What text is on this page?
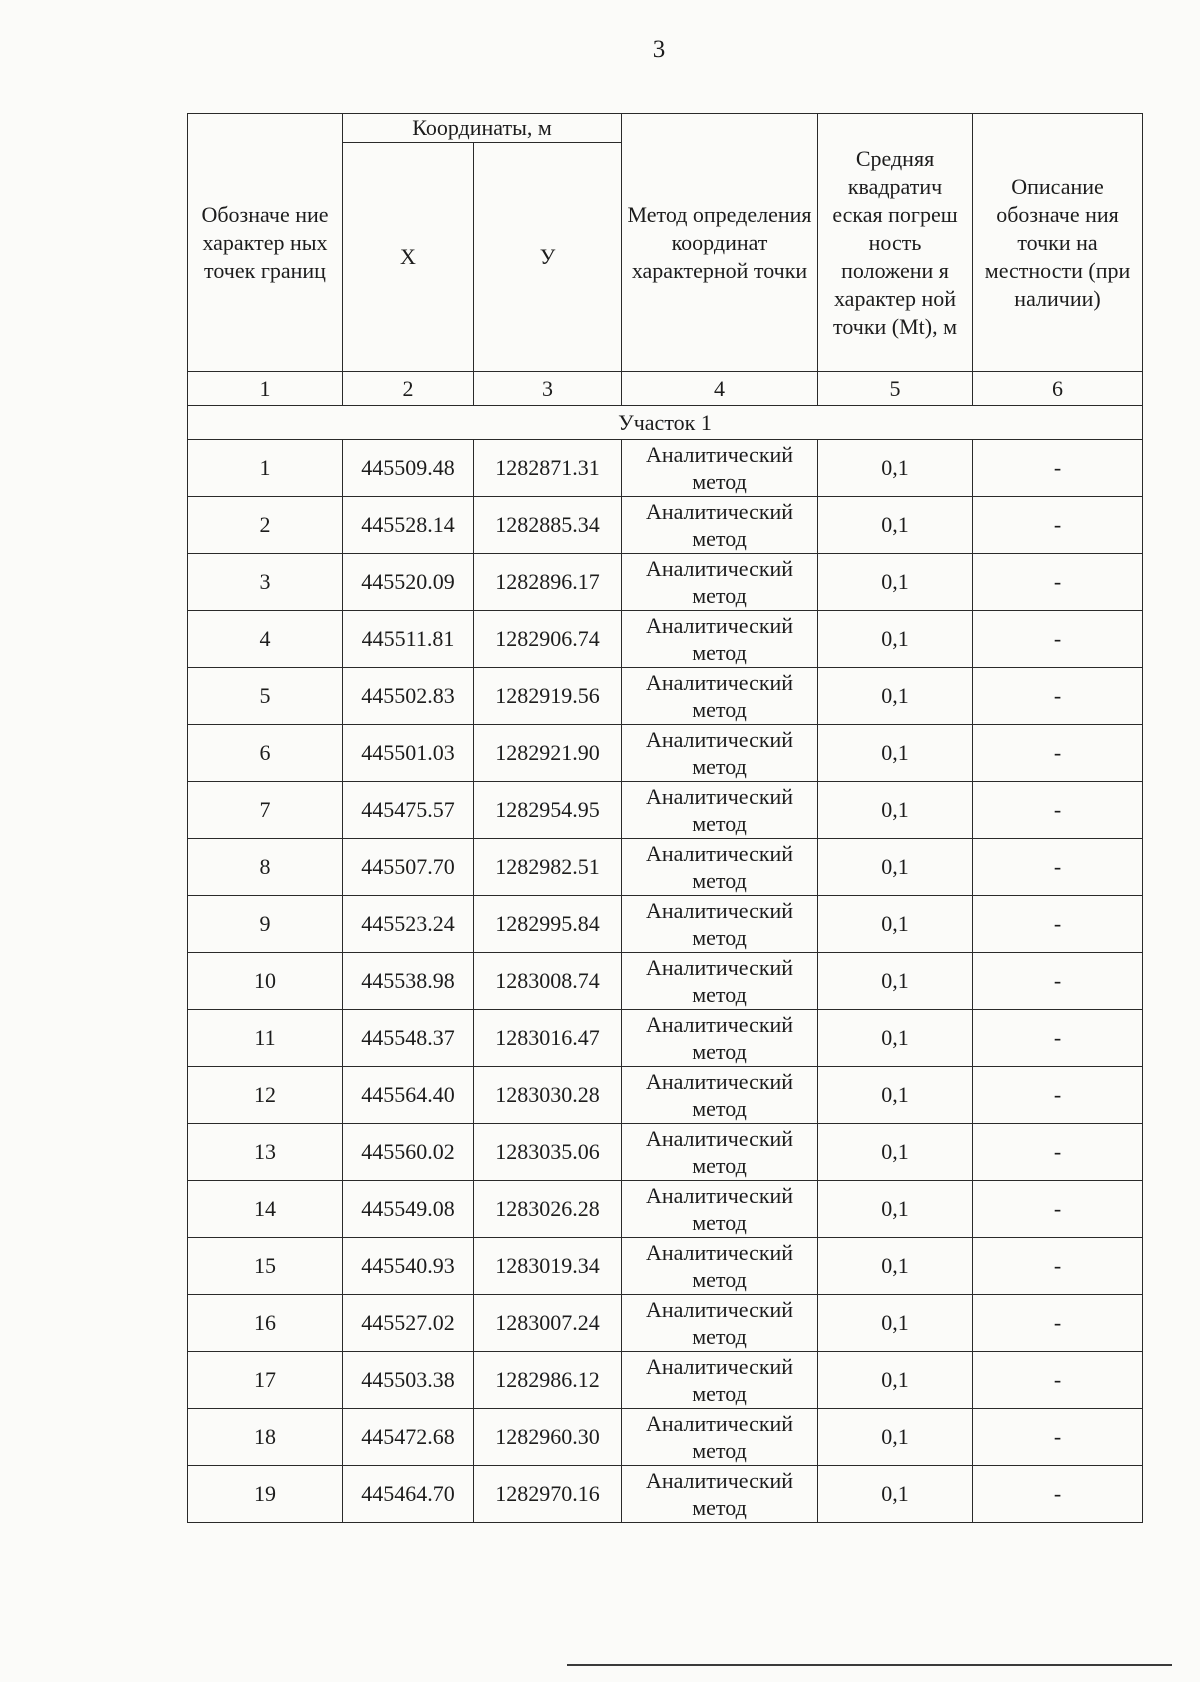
3
Обозначе ние характер ных точек границ	Координаты, м		Метод определения координат характерной точки	Средняя квадратич еская погреш ность положени я характер ной точки (Mt), м	Описание обозначе ния точки на местности (при наличии)
	Х	У			
1	2	3	4	5	6
Участок 1					
1	445509.48	1282871.31	Аналитический метод	0,1	-
2	445528.14	1282885.34	Аналитический метод	0,1	-
3	445520.09	1282896.17	Аналитический метод	0,1	-
4	445511.81	1282906.74	Аналитический метод	0,1	-
5	445502.83	1282919.56	Аналитический метод	0,1	-
6	445501.03	1282921.90	Аналитический метод	0,1	-
7	445475.57	1282954.95	Аналитический метод	0,1	-
8	445507.70	1282982.51	Аналитический метод	0,1	-
9	445523.24	1282995.84	Аналитический метод	0,1	-
10	445538.98	1283008.74	Аналитический метод	0,1	-
11	445548.37	1283016.47	Аналитический метод	0,1	-
12	445564.40	1283030.28	Аналитический метод	0,1	-
13	445560.02	1283035.06	Аналитический метод	0,1	-
14	445549.08	1283026.28	Аналитический метод	0,1	-
15	445540.93	1283019.34	Аналитический метод	0,1	-
16	445527.02	1283007.24	Аналитический метод	0,1	-
17	445503.38	1282986.12	Аналитический метод	0,1	-
18	445472.68	1282960.30	Аналитический метод	0,1	-
19	445464.70	1282970.16	Аналитический метод	0,1	-
